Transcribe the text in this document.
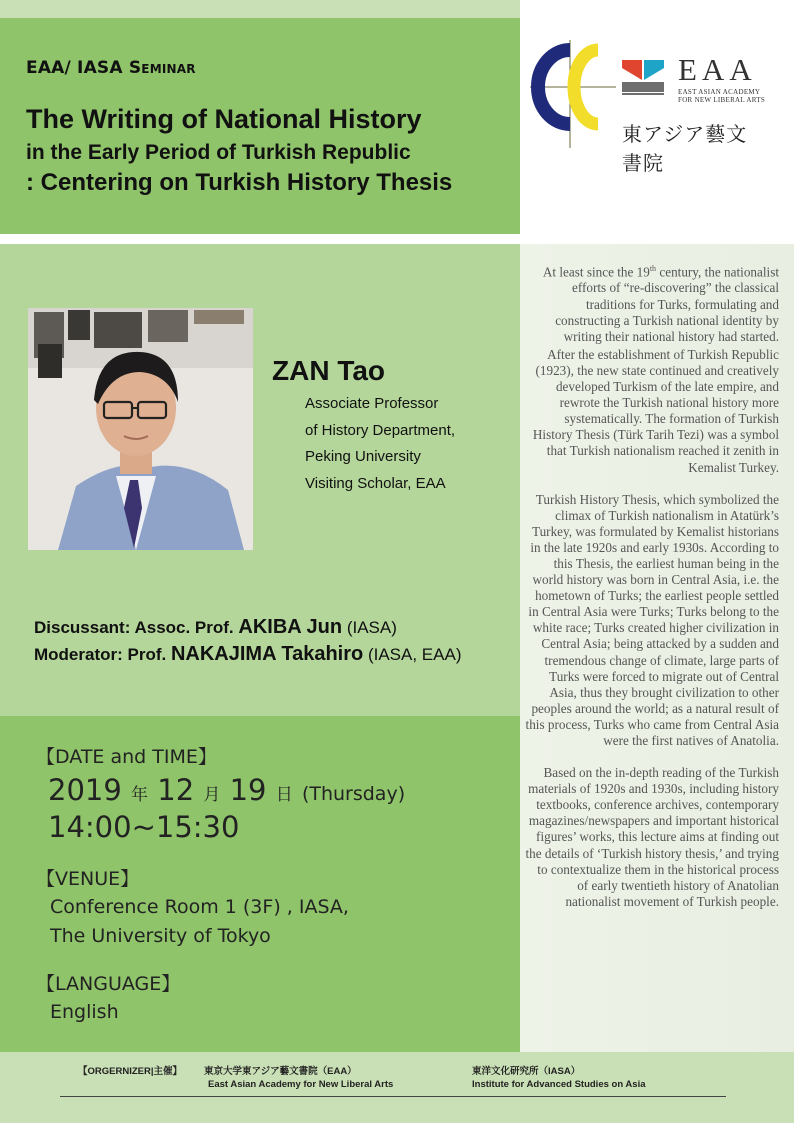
EAA/ IASA Seminar
The Writing of National History
in the Early Period of Turkish Republic
: Centering on Turkish History Thesis
EAA
EAST ASIAN ACADEMY
FOR NEW LIBERAL ARTS
東アジア藝文書院
ZAN Tao
Associate Professor
of History Department,
Peking University
Visiting Scholar, EAA
Discussant: Assoc. Prof. AKIBA Jun (IASA)
Moderator: Prof. NAKAJIMA Takahiro (IASA, EAA)
【DATE and TIME】
2019 年 12 月 19 日 (Thursday)
14:00~15:30
【VENUE】
Conference Room 1 (3F) , IASA,
The University of Tokyo
【LANGUAGE】
English

At least since the 19th century, the nationalist efforts of “re-discovering” the classical traditions for Turks, formulating and constructing a Turkish national identity by writing their national history had started.

After the establishment of Turkish Republic (1923), the new state continued and creatively developed Turkism of the late empire, and rewrote the Turkish national history more systematically. The formation of Turkish History Thesis (Türk Tarih Tezi) was a symbol that Turkish nationalism reached it zenith in Kemalist Turkey.

Turkish History Thesis, which symbolized the climax of Turkish nationalism in Atatürk’s Turkey, was formulated by Kemalist historians in the late 1920s and early 1930s. According to this Thesis, the earliest human being in the world history was born in Central Asia, i.e. the hometown of Turks; the earliest people settled in Central Asia were Turks; Turks belong to the white race; Turks created higher civilization in Central Asia; being attacked by a sudden and tremendous change of climate, large parts of Turks were forced to migrate out of Central Asia, thus they brought civilization to other peoples around the world; as a natural result of this process, Turks who came from Central Asia were the first natives of Anatolia.

Based on the in-depth reading of the Turkish materials of 1920s and 1930s, including history textbooks, conference archives, contemporary magazines/newspapers and important historical figures’ works, this lecture aims at finding out the details of ‘Turkish history thesis,’ and trying to contextualize them in the historical process of early twentieth history of Anatolian nationalist movement of Turkish people.

【ORGERNIZER|主催】 東京大学東アジア藝文書院（EAA）
East Asian Academy for New Liberal Arts
東洋文化研究所（IASA）
Institute for Advanced Studies on Asia
